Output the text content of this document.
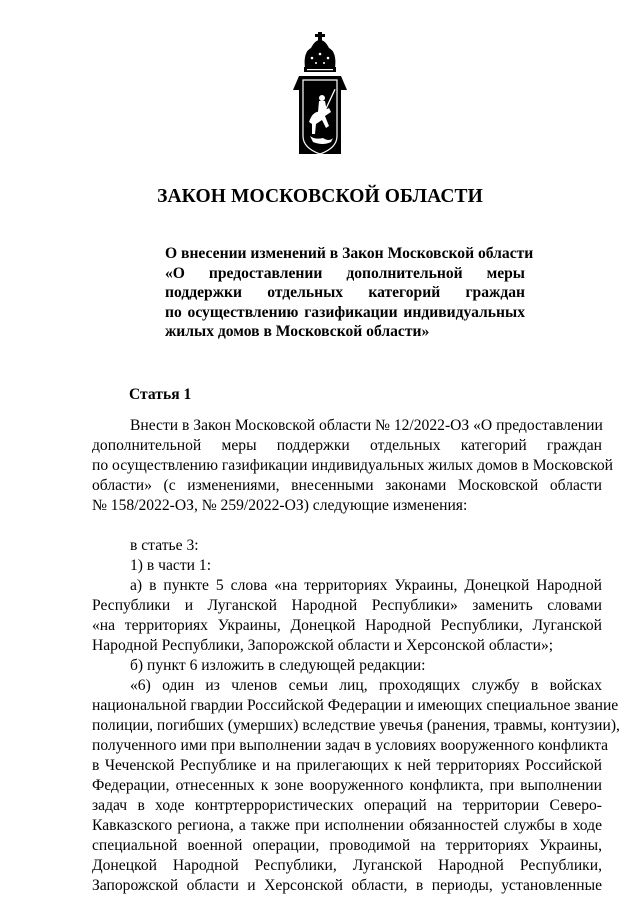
ЗАКОН МОСКОВСКОЙ ОБЛАСТИ
О внесении изменений в Закон Московской области
«О предоставлении дополнительной меры
поддержки отдельных категорий граждан
по осуществлению газификации индивидуальных
жилых домов в Московской области»
Статья 1
Внести в Закон Московской области № 12/2022-ОЗ «О предоставлении
дополнительной меры поддержки отдельных категорий граждан
по осуществлению газификации индивидуальных жилых домов в Московской
области» (с изменениями, внесенными законами Московской области
№ 158/2022-ОЗ, № 259/2022-ОЗ) следующие изменения:
в статье 3:
1) в части 1:
а) в пункте 5 слова «на территориях Украины, Донецкой Народной
Республики и Луганской Народной Республики» заменить словами
«на территориях Украины, Донецкой Народной Республики, Луганской
Народной Республики, Запорожской области и Херсонской области»;
б) пункт 6 изложить в следующей редакции:
«6) один из членов семьи лиц, проходящих службу в войсках
национальной гвардии Российской Федерации и имеющих специальное звание
полиции, погибших (умерших) вследствие увечья (ранения, травмы, контузии),
полученного ими при выполнении задач в условиях вооруженного конфликта
в Чеченской Республике и на прилегающих к ней территориях Российской
Федерации, отнесенных к зоне вооруженного конфликта, при выполнении
задач в ходе контртеррористических операций на территории Северо-
Кавказского региона, а также при исполнении обязанностей службы в ходе
специальной военной операции, проводимой на территориях Украины,
Донецкой Народной Республики, Луганской Народной Республики,
Запорожской области и Херсонской области, в периоды, установленные
